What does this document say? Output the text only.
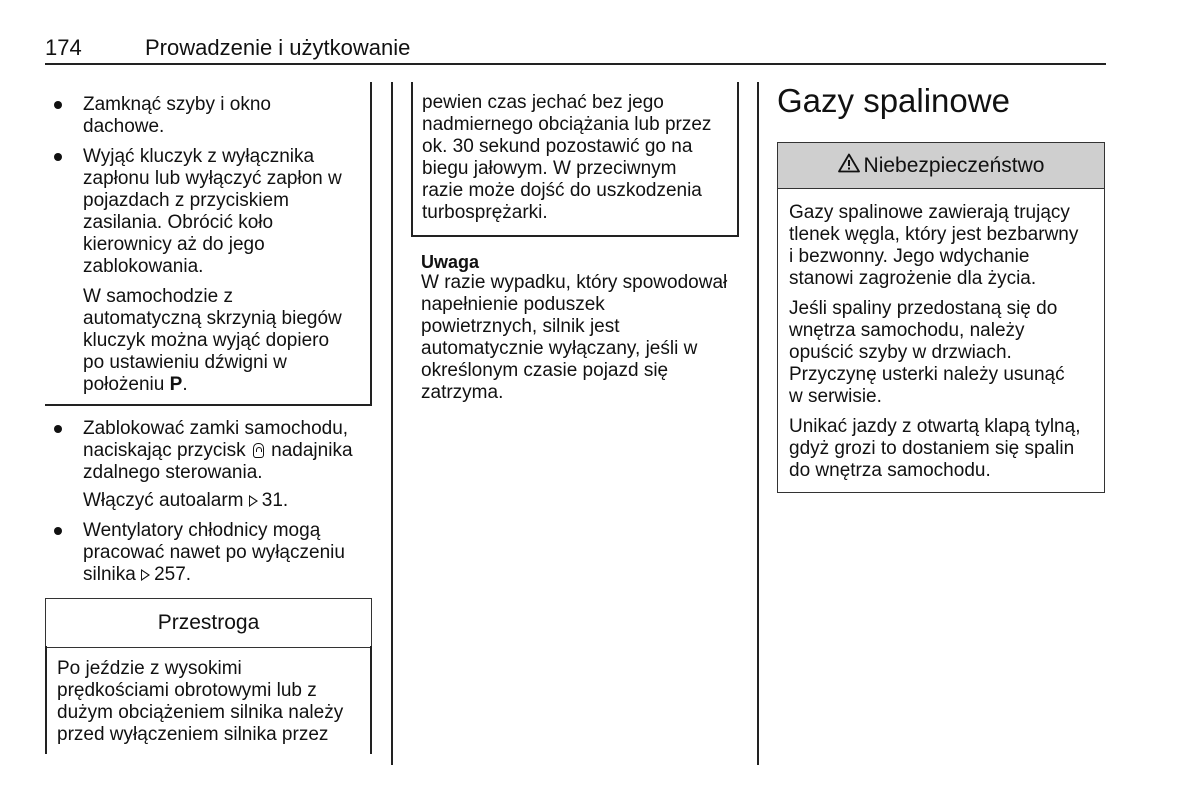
174	Prowadzenie i użytkowanie
Zamknąć szyby i okno
dachowe.
Wyjąć kluczyk z wyłącznika
zapłonu lub wyłączyć zapłon w
pojazdach z przyciskiem
zasilania. Obrócić koło
kierownicy aż do jego
zablokowania.
W samochodzie z
automatyczną skrzynią biegów
kluczyk można wyjąć dopiero
po ustawieniu dźwigni w
położeniu P.
Zablokować zamki samochodu,
naciskając przycisk  nadajnika
zdalnego sterowania.
Włączyć autoalarm 31.
Wentylatory chłodnicy mogą
pracować nawet po wyłączeniu
silnika 257.
Przestroga
Po jeździe z wysokimi
prędkościami obrotowymi lub z
dużym obciążeniem silnika należy
przed wyłączeniem silnika przez
pewien czas jechać bez jego
nadmiernego obciążania lub przez
ok. 30 sekund pozostawić go na
biegu jałowym. W przeciwnym
razie może dojść do uszkodzenia
turbosprężarki.
Uwaga
W razie wypadku, który spowodował
napełnienie poduszek
powietrznych, silnik jest
automatycznie wyłączany, jeśli w
określonym czasie pojazd się
zatrzyma.
Gazy spalinowe
Niebezpieczeństwo
Gazy spalinowe zawierają trujący
tlenek węgla, który jest bezbarwny
i bezwonny. Jego wdychanie
stanowi zagrożenie dla życia.
Jeśli spaliny przedostaną się do
wnętrza samochodu, należy
opuścić szyby w drzwiach.
Przyczynę usterki należy usunąć
w serwisie.
Unikać jazdy z otwartą klapą tylną,
gdyż grozi to dostaniem się spalin
do wnętrza samochodu.
